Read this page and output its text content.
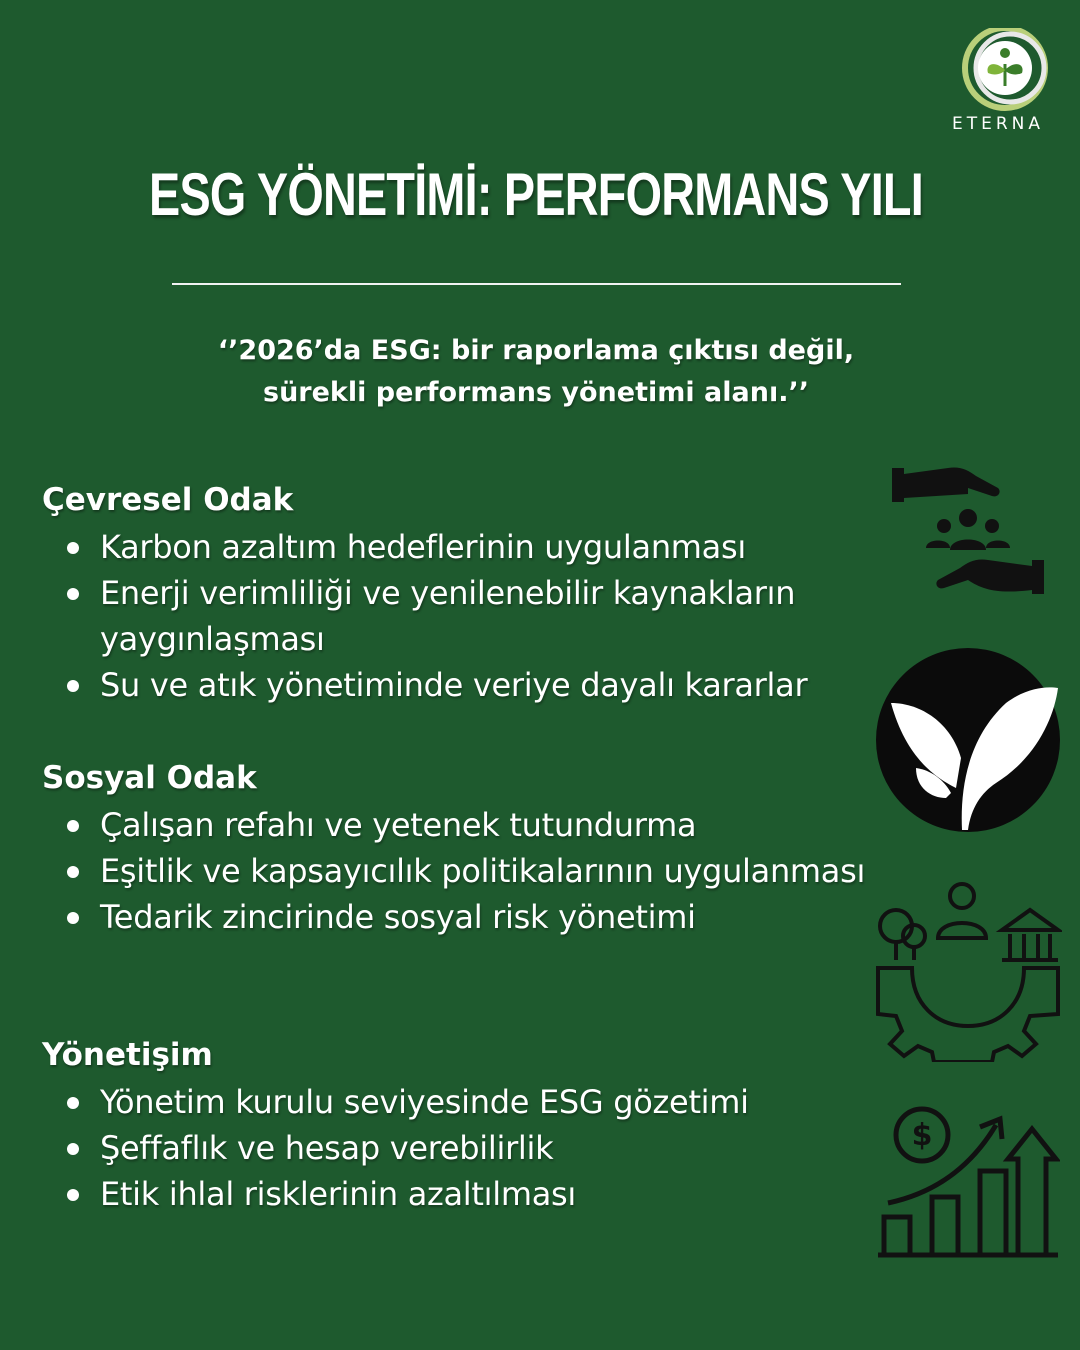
ETERNA
ESG YÖNETİMİ: PERFORMANS YILI
‘’2026’da ESG: bir raporlama çıktısı değil,
sürekli performans yönetimi alanı.’’
Çevresel Odak
Karbon azaltım hedeflerinin uygulanması
Enerji verimliliği ve yenilenebilir kaynakların yaygınlaşması
Su ve atık yönetiminde veriye dayalı kararlar
Sosyal Odak
Çalışan refahı ve yetenek tutundurma
Eşitlik ve kapsayıcılık politikalarının uygulanması
Tedarik zincirinde sosyal risk yönetimi
Yönetişim
Yönetim kurulu seviyesinde ESG gözetimi
Şeffaflık ve hesap verebilirlik
Etik ihlal risklerinin azaltılması
$
